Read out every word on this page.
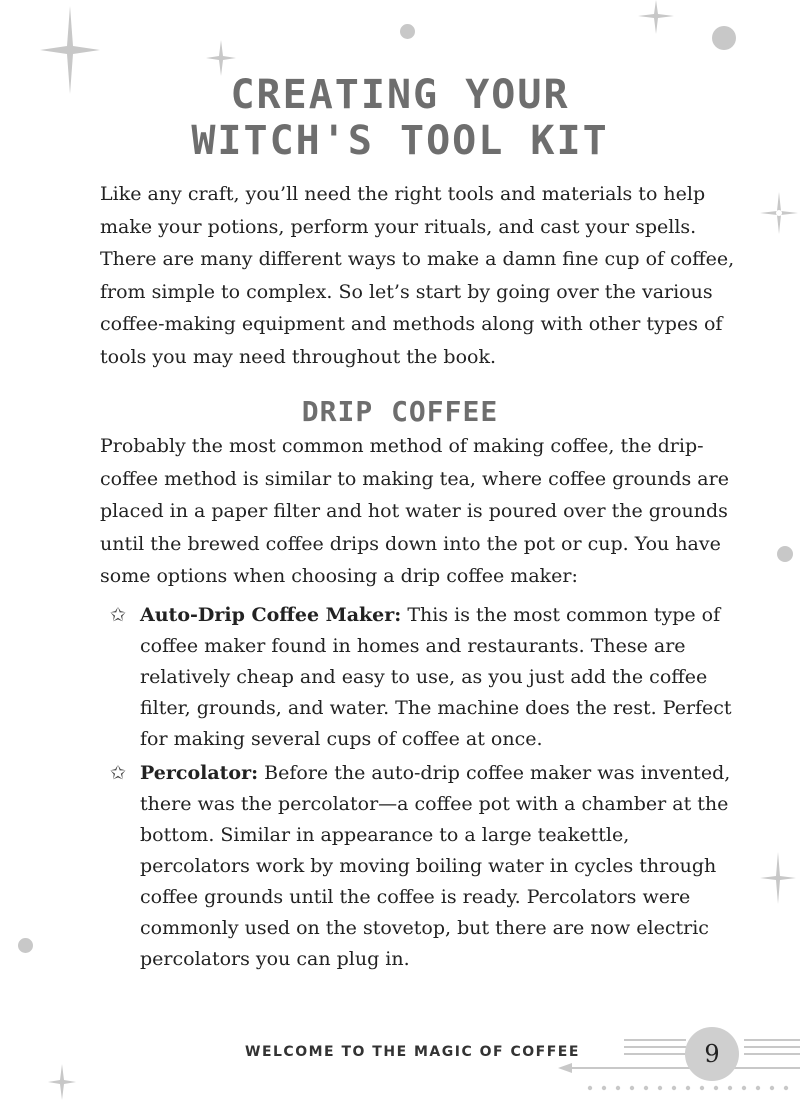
CREATING YOUR
WITCH'S TOOL KIT

Like any craft, you’ll need the right tools and materials to help make your potions, perform your rituals, and cast your spells. There are many different ways to make a damn fine cup of coffee, from simple to complex. So let’s start by going over the various coffee-making equipment and methods along with other types of tools you may need throughout the book.

DRIP COFFEE

Probably the most common method of making coffee, the drip-coffee method is similar to making tea, where coffee grounds are placed in a paper filter and hot water is poured over the grounds until the brewed coffee drips down into the pot or cup. You have some options when choosing a drip coffee maker:

✩ Auto-Drip Coffee Maker: This is the most common type of coffee maker found in homes and restaurants. These are relatively cheap and easy to use, as you just add the coffee filter, grounds, and water. The machine does the rest. Perfect for making several cups of coffee at once.
✩ Percolator: Before the auto-drip coffee maker was invented, there was the percolator—a coffee pot with a chamber at the bottom. Similar in appearance to a large teakettle, percolators work by moving boiling water in cycles through coffee grounds until the coffee is ready. Percolators were commonly used on the stovetop, but there are now electric percolators you can plug in.
WELCOME TO THE MAGIC OF COFFEE	9
